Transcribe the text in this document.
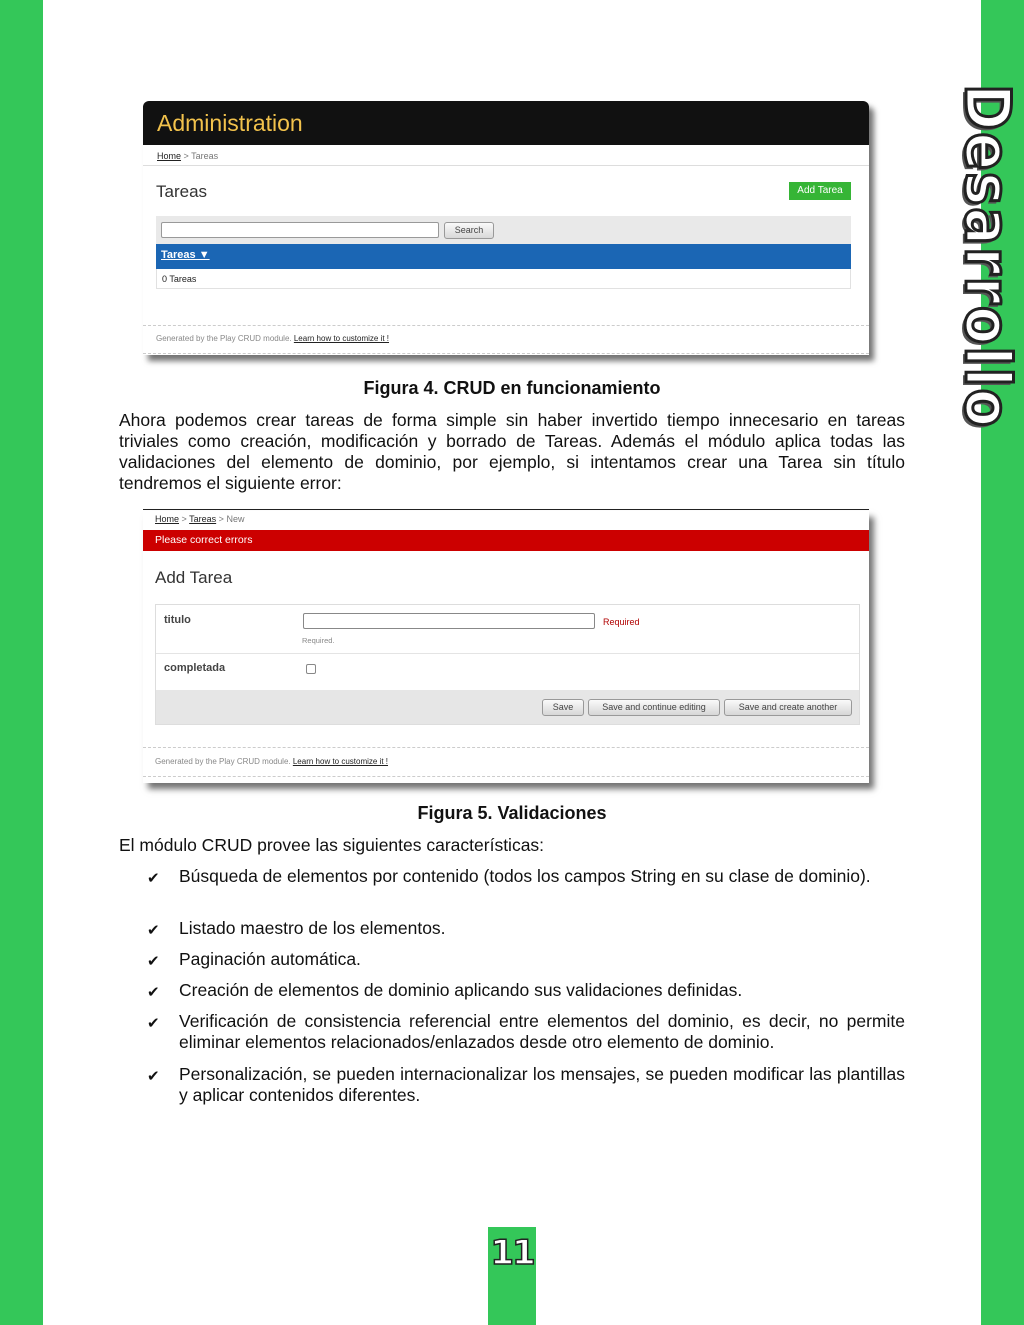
Desarrollo
Administration
Home > Tareas
Tareas	Add Tarea
Search
Tareas ▼
0 Tareas
Generated by the Play CRUD module. Learn how to customize it !
Figura 4. CRUD en funcionamiento
Ahora podemos crear tareas de forma simple sin haber invertido tiempo innecesario en tareas triviales como creación, modificación y borrado de Tareas. Además el módulo aplica todas las validaciones del elemento de dominio, por ejemplo, si intentamos crear una Tarea sin título tendremos el siguiente error:
Home > Tareas > New
Please correct errors
Add Tarea
titulo	Required
Required.
completada
Save	Save and continue editing	Save and create another
Generated by the Play CRUD module. Learn how to customize it !
Figura 5. Validaciones
El módulo CRUD provee las siguientes características:
✔ Búsqueda de elementos por contenido (todos los campos String en su clase de dominio).
✔ Listado maestro de los elementos.
✔ Paginación automática.
✔ Creación de elementos de dominio aplicando sus validaciones definidas.
✔ Verificación de consistencia referencial entre elementos del dominio, es decir, no permite eliminar elementos relacionados/enlazados desde otro elemento de dominio.
✔ Personalización, se pueden internacionalizar los mensajes, se pueden modificar las plantillas y aplicar contenidos diferentes.
11
